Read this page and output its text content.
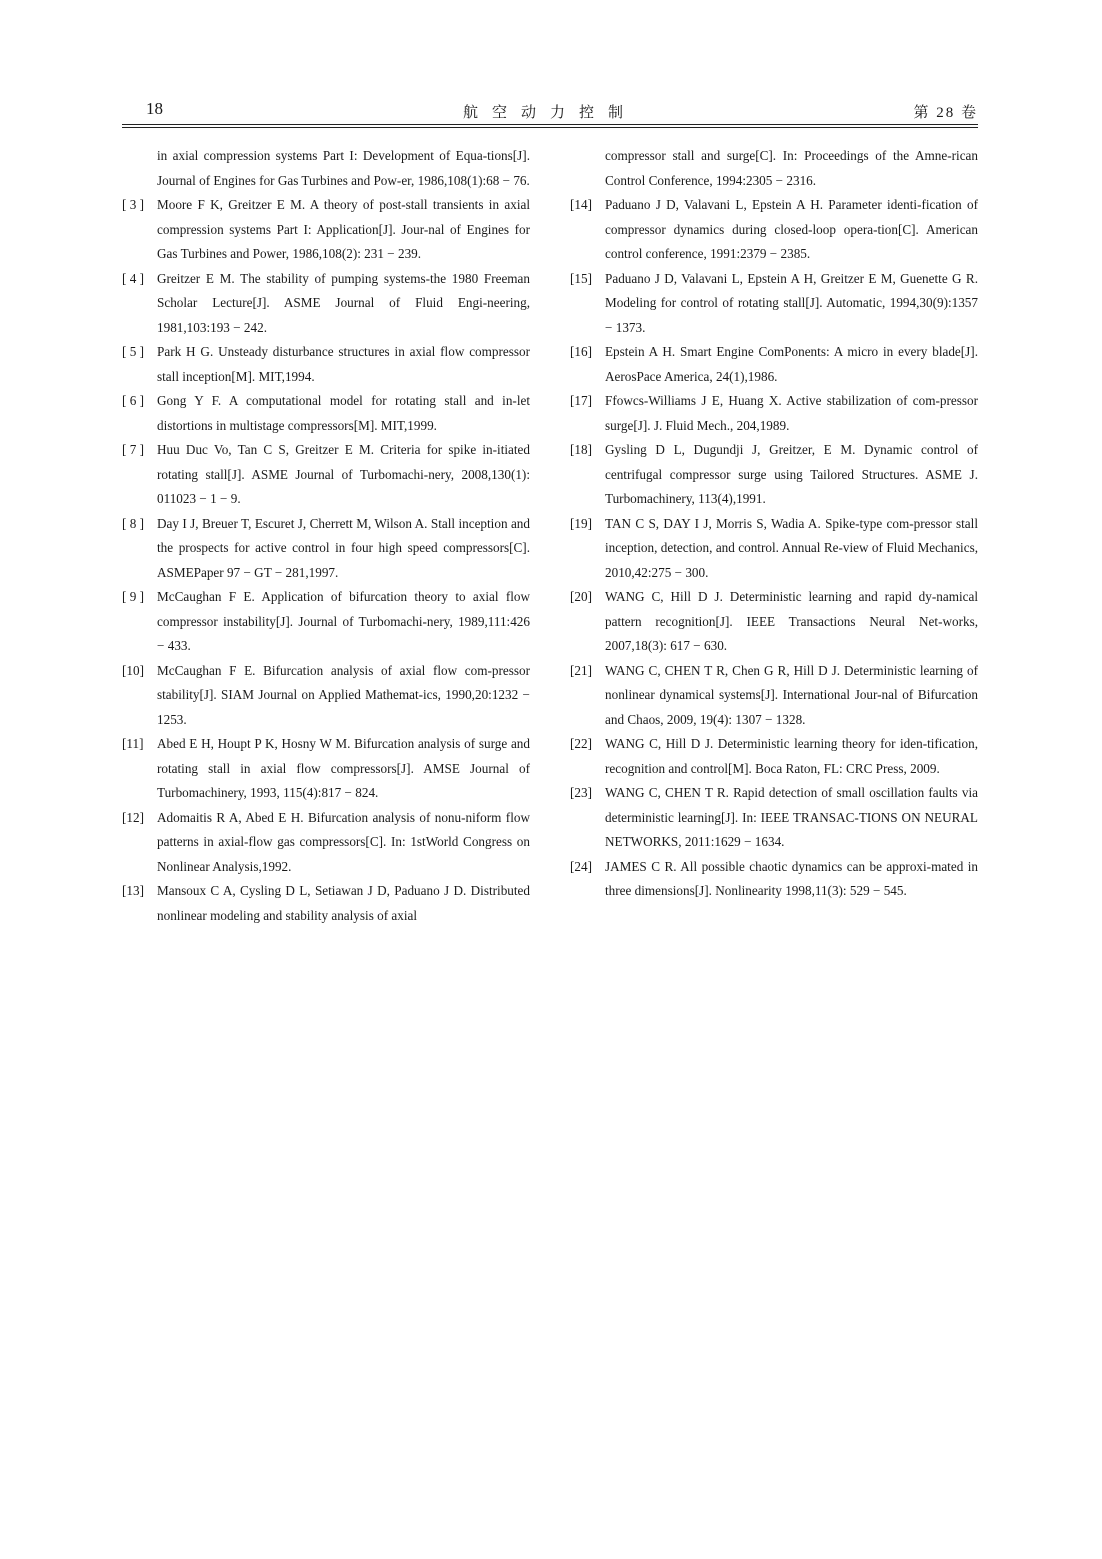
18	航空动力控制	第 28 卷
in axial compression systems Part I: Development of Equa-tions[J]. Journal of Engines for Gas Turbines and Pow-er, 1986,108(1):68 − 76.
[ 3 ] Moore F K, Greitzer E M. A theory of post-stall transients in axial compression systems Part I: Application[J]. Jour-nal of Engines for Gas Turbines and Power, 1986,108(2): 231 − 239.
[ 4 ] Greitzer E M. The stability of pumping systems-the 1980 Freeman Scholar Lecture[J]. ASME Journal of Fluid Engi-neering, 1981,103:193 − 242.
[ 5 ] Park H G. Unsteady disturbance structures in axial flow compressor stall inception[M]. MIT,1994.
[ 6 ] Gong Y F. A computational model for rotating stall and in-let distortions in multistage compressors[M]. MIT,1999.
[ 7 ] Huu Duc Vo, Tan C S, Greitzer E M. Criteria for spike in-itiated rotating stall[J]. ASME Journal of Turbomachi-nery, 2008,130(1): 011023 − 1 − 9.
[ 8 ] Day I J, Breuer T, Escuret J, Cherrett M, Wilson A. Stall inception and the prospects for active control in four high speed compressors[C]. ASMEPaper 97 − GT − 281,1997.
[ 9 ] McCaughan F E. Application of bifurcation theory to axial flow compressor instability[J]. Journal of Turbomachi-nery, 1989,111:426 − 433.
[10] McCaughan F E. Bifurcation analysis of axial flow com-pressor stability[J]. SIAM Journal on Applied Mathemat-ics, 1990,20:1232 − 1253.
[11] Abed E H, Houpt P K, Hosny W M. Bifurcation analysis of surge and rotating stall in axial flow compressors[J]. AMSE Journal of Turbomachinery, 1993, 115(4):817 − 824.
[12] Adomaitis R A, Abed E H. Bifurcation analysis of nonu-niform flow patterns in axial-flow gas compressors[C]. In: 1stWorld Congress on Nonlinear Analysis,1992.
[13] Mansoux C A, Cysling D L, Setiawan J D, Paduano J D. Distributed nonlinear modeling and stability analysis of axial
compressor stall and surge[C]. In: Proceedings of the Amne-rican Control Conference, 1994:2305 − 2316.
[14] Paduano J D, Valavani L, Epstein A H. Parameter identi-fication of compressor dynamics during closed-loop opera-tion[C]. American control conference, 1991:2379 − 2385.
[15] Paduano J D, Valavani L, Epstein A H, Greitzer E M, Guenette G R. Modeling for control of rotating stall[J]. Automatic, 1994,30(9):1357 − 1373.
[16] Epstein A H. Smart Engine ComPonents: A micro in every blade[J]. AerosPace America, 24(1),1986.
[17] Ffowcs-Williams J E, Huang X. Active stabilization of com-pressor surge[J]. J. Fluid Mech., 204,1989.
[18] Gysling D L, Dugundji J, Greitzer, E M. Dynamic control of centrifugal compressor surge using Tailored Structures. ASME J. Turbomachinery, 113(4),1991.
[19] TAN C S, DAY I J, Morris S, Wadia A. Spike-type com-pressor stall inception, detection, and control. Annual Re-view of Fluid Mechanics, 2010,42:275 − 300.
[20] WANG C, Hill D J. Deterministic learning and rapid dy-namical pattern recognition[J]. IEEE Transactions Neural Net-works, 2007,18(3): 617 − 630.
[21] WANG C, CHEN T R, Chen G R, Hill D J. Deterministic learning of nonlinear dynamical systems[J]. International Jour-nal of Bifurcation and Chaos, 2009, 19(4): 1307 − 1328.
[22] WANG C, Hill D J. Deterministic learning theory for iden-tification, recognition and control[M]. Boca Raton, FL: CRC Press, 2009.
[23] WANG C, CHEN T R. Rapid detection of small oscillation faults via deterministic learning[J]. In: IEEE TRANSAC-TIONS ON NEURAL NETWORKS, 2011:1629 − 1634.
[24] JAMES C R. All possible chaotic dynamics can be approxi-mated in three dimensions[J]. Nonlinearity 1998,11(3): 529 − 545.
